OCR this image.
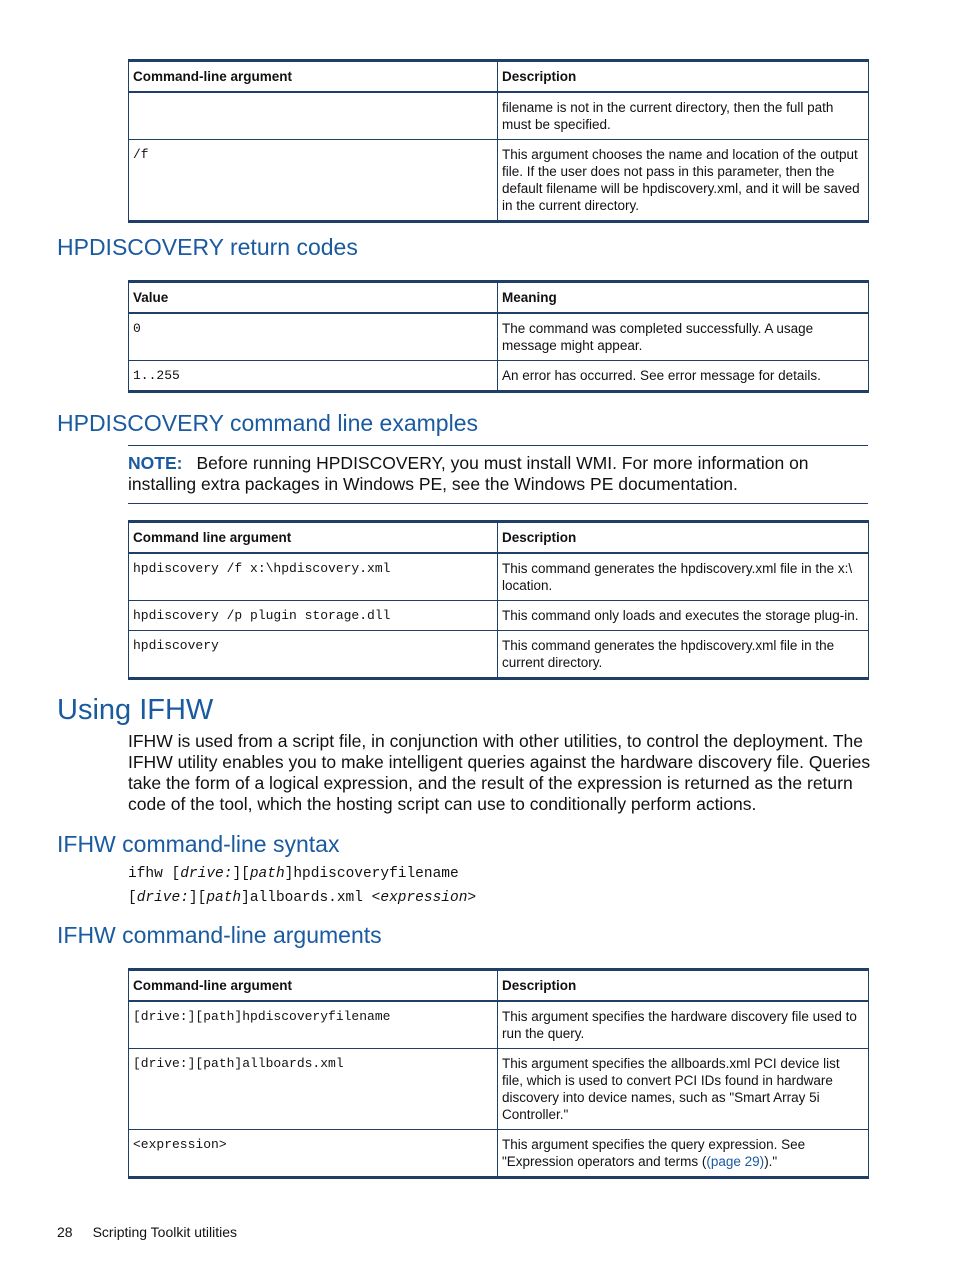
Command-line argument	Description
	filename is not in the current directory, then the full path must be specified.
/f	This argument chooses the name and location of the output file. If the user does not pass in this parameter, then the default filename will be hpdiscovery.xml, and it will be saved in the current directory.
HPDISCOVERY return codes
Value	Meaning
0	The command was completed successfully. A usage message might appear.
1..255	An error has occurred. See error message for details.
HPDISCOVERY command line examples
NOTE: Before running HPDISCOVERY, you must install WMI. For more information on installing extra packages in Windows PE, see the Windows PE documentation.
Command line argument	Description
hpdiscovery /f x:\hpdiscovery.xml	This command generates the hpdiscovery.xml file in the x:\ location.
hpdiscovery /p plugin storage.dll	This command only loads and executes the storage plug-in.
hpdiscovery	This command generates the hpdiscovery.xml file in the current directory.
Using IFHW

IFHW is used from a script file, in conjunction with other utilities, to control the deployment. The IFHW utility enables you to make intelligent queries against the hardware discovery file. Queries take the form of a logical expression, and the result of the expression is returned as the return code of the tool, which the hosting script can use to conditionally perform actions.

IFHW command-line syntax
ifhw [drive:][path]hpdiscoveryfilename
[drive:][path]allboards.xml <expression>
IFHW command-line arguments
Command-line argument	Description
[drive:][path]hpdiscoveryfilename	This argument specifies the hardware discovery file used to run the query.
[drive:][path]allboards.xml	This argument specifies the allboards.xml PCI device list file, which is used to convert PCI IDs found in hardware discovery into device names, such as "Smart Array 5i Controller."
<expression>	This argument specifies the query expression. See "Expression operators and terms ((page 29))."
28 Scripting Toolkit utilities
